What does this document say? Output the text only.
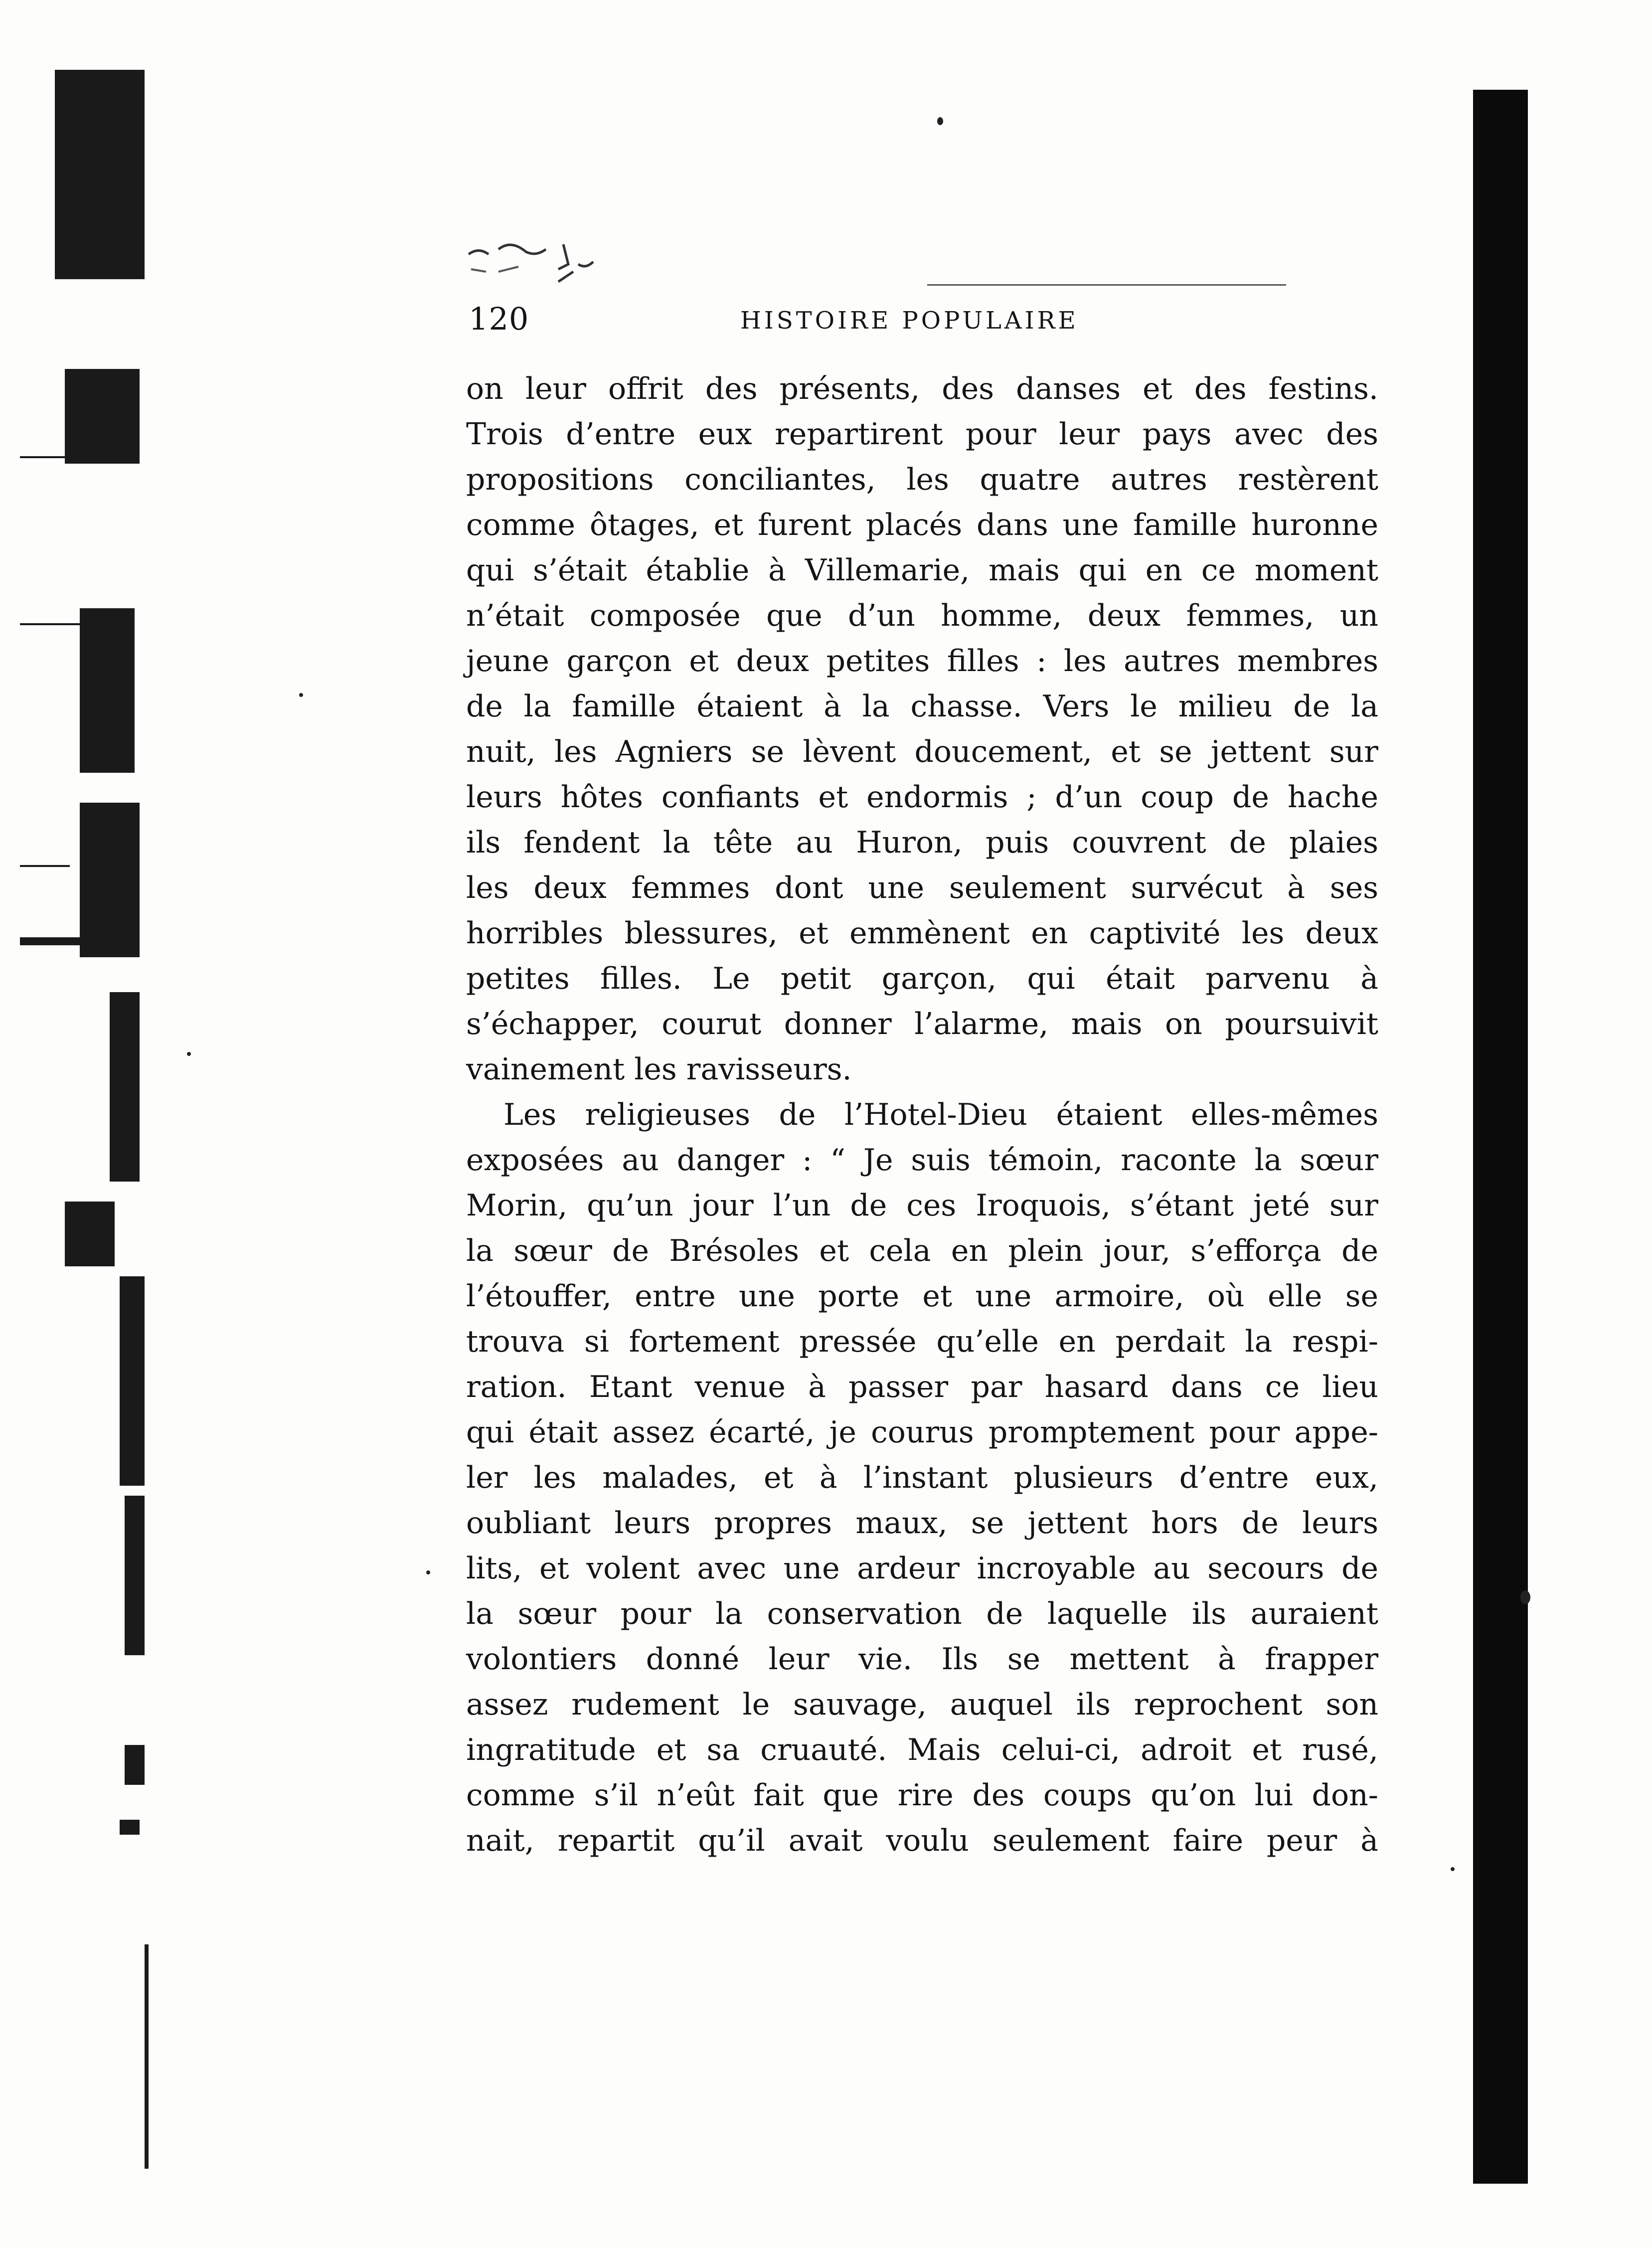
120	HISTOIRE POPULAIRE
on leur offrit des présents, des danses et des festins.
Trois d’entre eux repartirent pour leur pays avec des
propositions conciliantes, les quatre autres restèrent
comme ôtages, et furent placés dans une famille huronne
qui s’était établie à Villemarie, mais qui en ce moment
n’était composée que d’un homme, deux femmes, un
jeune garçon et deux petites filles : les autres membres
de la famille étaient à la chasse. Vers le milieu de la
nuit, les Agniers se lèvent doucement, et se jettent sur
leurs hôtes confiants et endormis ; d’un coup de hache
ils fendent la tête au Huron, puis couvrent de plaies
les deux femmes dont une seulement survécut à ses
horribles blessures, et emmènent en captivité les deux
petites filles. Le petit garçon, qui était parvenu à
s’échapper, courut donner l’alarme, mais on poursuivit
vainement les ravisseurs.
Les religieuses de l’Hotel-Dieu étaient elles-mêmes
exposées au danger : “ Je suis témoin, raconte la sœur
Morin, qu’un jour l’un de ces Iroquois, s’étant jeté sur
la sœur de Brésoles et cela en plein jour, s’efforça de
l’étouffer, entre une porte et une armoire, où elle se
trouva si fortement pressée qu’elle en perdait la respi-
ration. Etant venue à passer par hasard dans ce lieu
qui était assez écarté, je courus promptement pour appe-
ler les malades, et à l’instant plusieurs d’entre eux,
oubliant leurs propres maux, se jettent hors de leurs
lits, et volent avec une ardeur incroyable au secours de
la sœur pour la conservation de laquelle ils auraient
volontiers donné leur vie. Ils se mettent à frapper
assez rudement le sauvage, auquel ils reprochent son
ingratitude et sa cruauté. Mais celui-ci, adroit et rusé,
comme s’il n’eût fait que rire des coups qu’on lui don-
nait, repartit qu’il avait voulu seulement faire peur à
